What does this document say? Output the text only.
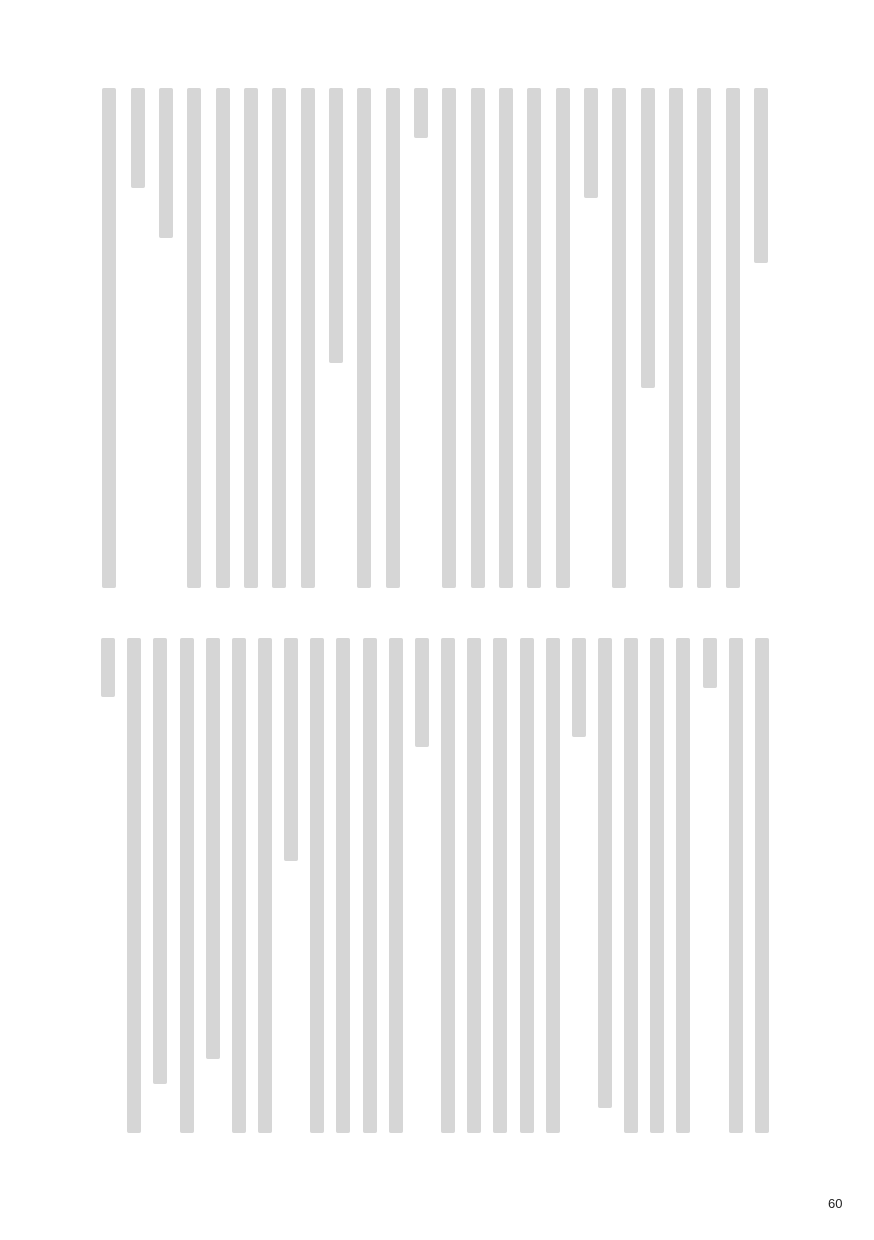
60
